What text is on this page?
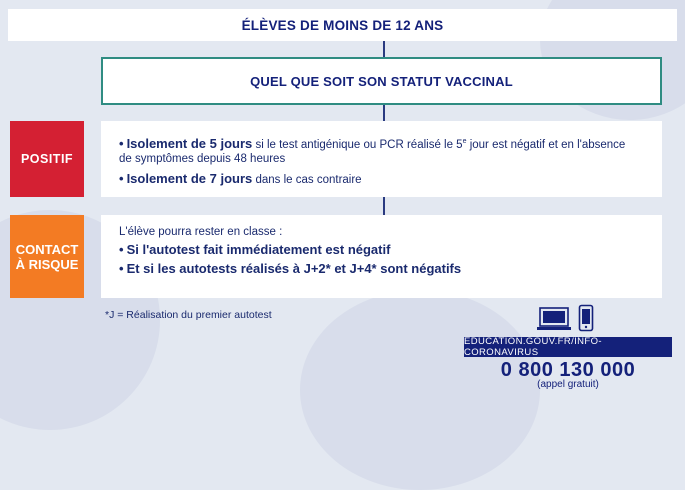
ÉLÈVES DE MOINS DE 12 ANS
QUEL QUE SOIT SON STATUT VACCINAL
POSITIF

• Isolement de 5 jours si le test antigénique ou PCR réalisé le 5e jour est négatif et en l'absence

de symptômes depuis 48 heures

• Isolement de 7 jours dans le cas contraire

CONTACT
À RISQUE

L'élève pourra rester en classe :

• Si l'autotest fait immédiatement est négatif

• Et si les autotests réalisés à J+2* et J+4* sont négatifs

*J = Réalisation du premier autotest
EDUCATION.GOUV.FR/INFO-CORONAVIRUS
0 800 130 000
(appel gratuit)
